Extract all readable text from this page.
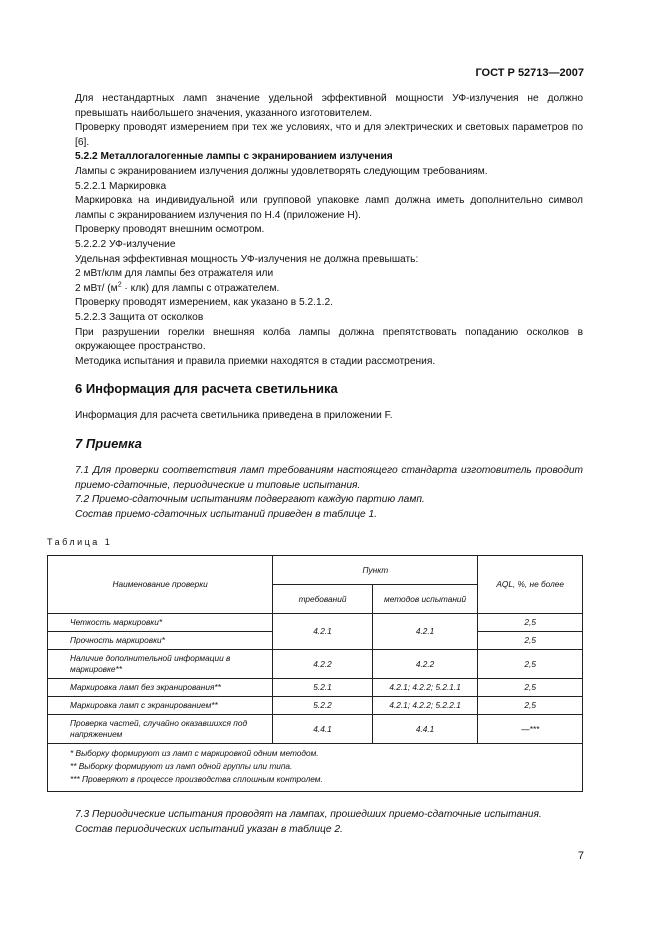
ГОСТ Р 52713—2007

Для нестандартных ламп значение удельной эффективной мощности УФ-излучения не должно превышать наибольшего значения, указанного изготовителем.

Проверку проводят измерением при тех же условиях, что и для электрических и световых параметров по [6].

5.2.2 Металлогалогенные лампы с экранированием излучения

Лампы с экранированием излучения должны удовлетворять следующим требованиям.

5.2.2.1 Маркировка

Маркировка на индивидуальной или групповой упаковке ламп должна иметь дополнительно символ лампы с экранированием излучения по Н.4 (приложение Н).

Проверку проводят внешним осмотром.

5.2.2.2 УФ-излучение

Удельная эффективная мощность УФ-излучения не должна превышать:

2 мВт/клм для лампы без отражателя или

2 мВт/ $(м^2 \cdot клк)$ для лампы с отражателем.

Проверку проводят измерением, как указано в 5.2.1.2.

5.2.2.3 Защита от осколков

При разрушении горелки внешняя колба лампы должна препятствовать попаданию осколков в окружающее пространство.

Методика испытания и правила приемки находятся в стадии рассмотрения.

6 Информация для расчета светильника

Информация для расчета светильника приведена в приложении F.

7 Приемка

7.1 Для проверки соответствия ламп требованиям настоящего стандарта изготовитель проводит приемо-сдаточные, периодические и типовые испытания.

7.2 Приемо-сдаточным испытаниям подвергают каждую партию ламп.

Состав приемо-сдаточных испытаний приведен в таблице 1.

Таблица 1
Наименование проверки	Пункт		AQL, %, не более
	требований	методов испытаний	
Четкость маркировки*	4.2.1	4.2.1	2,5
Прочность маркировки*			2,5
Наличие дополнительной информации в маркировке**	4.2.2	4.2.2	2,5
Маркировка ламп без экранирования**	5.2.1	4.2.1; 4.2.2; 5.2.1.1	2,5
Маркировка ламп с экранированием**	5.2.2	4.2.1; 4.2.2; 5.2.2.1	2,5
Проверка частей, случайно оказавшихся под напряжением	4.4.1	4.4.1	—***

* Выборку формируют из ламп с маркировкой одним методом.
** Выборку формируют из ламп одной группы или типа.
*** Проверяют в процессе производства сплошным контролем.			

7.3 Периодические испытания проводят на лампах, прошедших приемо-сдаточные испытания.

Состав периодических испытаний указан в таблице 2.

7
